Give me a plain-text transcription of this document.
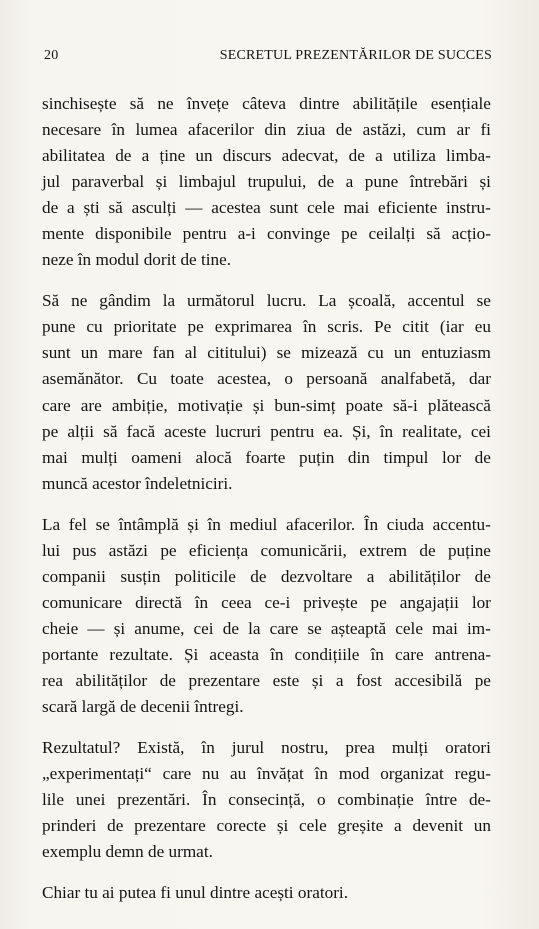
20	SECRETUL PREZENTĂRILOR DE SUCCES
sinchisește să ne învețe câteva dintre abilitățile esențiale
necesare în lumea afacerilor din ziua de astăzi, cum ar fi
abilitatea de a ține un discurs adecvat, de a utiliza limba-
jul paraverbal și limbajul trupului, de a pune întrebări și
de a ști să asculți — acestea sunt cele mai eficiente instru-
mente disponibile pentru a-i convinge pe ceilalți să acțio-
neze în modul dorit de tine.
Să ne gândim la următorul lucru. La școală, accentul se
pune cu prioritate pe exprimarea în scris. Pe citit (iar eu
sunt un mare fan al cititului) se mizează cu un entuziasm
asemănător. Cu toate acestea, o persoană analfabetă, dar
care are ambiție, motivație și bun-simț poate să-i plătească
pe alții să facă aceste lucruri pentru ea. Și, în realitate, cei
mai mulți oameni alocă foarte puțin din timpul lor de
muncă acestor îndeletniciri.
La fel se întâmplă și în mediul afacerilor. În ciuda accentu-
lui pus astăzi pe eficiența comunicării, extrem de puține
companii susțin politicile de dezvoltare a abilităților de
comunicare directă în ceea ce-i privește pe angajații lor
cheie — și anume, cei de la care se așteaptă cele mai im-
portante rezultate. Și aceasta în condițiile în care antrena-
rea abilităților de prezentare este și a fost accesibilă pe
scară largă de decenii întregi.
Rezultatul? Există, în jurul nostru, prea mulți oratori
„experimentați“ care nu au învățat în mod organizat regu-
lile unei prezentări. În consecință, o combinație între de-
prinderi de prezentare corecte și cele greșite a devenit un
exemplu demn de urmat.
Chiar tu ai putea fi unul dintre acești oratori.
